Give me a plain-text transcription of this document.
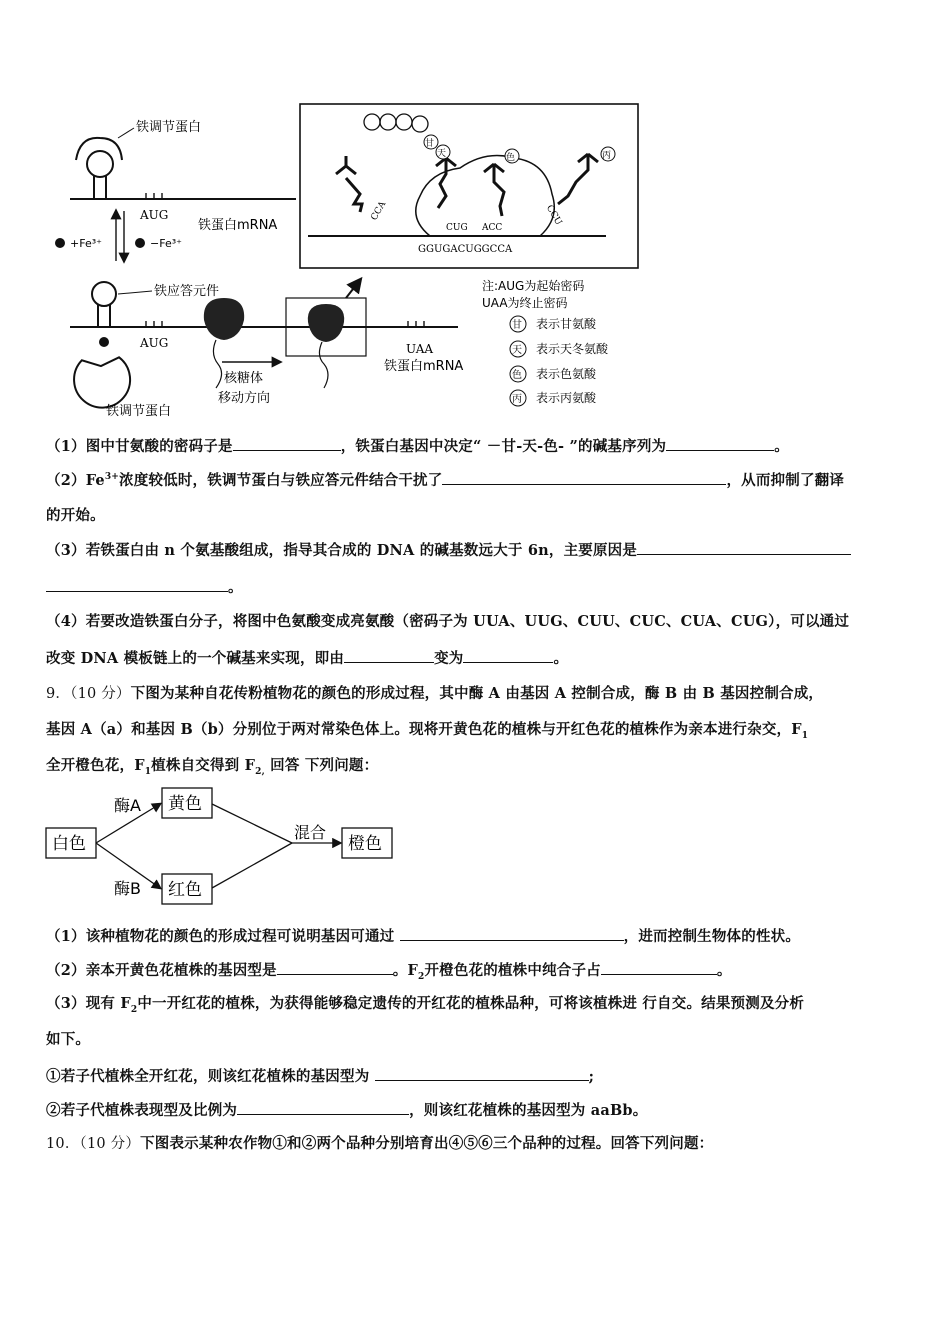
铁调节蛋白
AUG
铁蛋白mRNA
+Fe³⁺	−Fe³⁺
铁应答元件
AUG	UAA
铁蛋白mRNA
铁调节蛋白
核糖体
移动方向
甘
天	色	丙
CCA
CUG ACC
CCU
GGUGACUGGCCA
注:AUG为起始密码
UAA为终止密码
甘 表示甘氨酸
天 表示天冬氨酸
色 表示色氨酸
丙 表示丙氨酸
（1）图中甘氨酸的密码子是	，铁蛋白基因中决定“ －甘-天-色- ”的碱基序列为	。
$(2)Fe^{3+}$浓度较低时，铁调节蛋白与铁应答元件结合干扰了	，从而抑制了翻译
的开始。
（3）若铁蛋白由 n 个氨基酸组成，指导其合成的 DNA 的碱基数远大于 6n，主要原因是
。
（4）若要改造铁蛋白分子，将图中色氨酸变成亮氨酸（密码子为 UUA、UUG、CUU、CUC、CUA、CUG），可以通过
改变 DNA 模板链上的一个碱基来实现，即由	变为	。
9．（10 分）下图为某种自花传粉植物花的颜色的形成过程，其中酶 A 由基因 A 控制合成，酶 B 由 B 基因控制合成，
基因 A（a）和基因 B（b）分别位于两对常染色体上。现将开黄色花的植株与开红色花的植株作为亲本进行杂交，$F_1$
全开橙色花，$F_1$植株自交得到 $F_{2,}$ 回答 下列问题：
白色
黄色
红色
橙色
酶A
酶B
混合
（1）该种植物花的颜色的形成过程可说明基因可通过	，进而控制生物体的性状。
（2）亲本开黄色花植株的基因型是	。$F_2$开橙色花的植株中纯合子占	。
（3）现有 $F_2$中一开红花的植株，为获得能够稳定遗传的开红花的植株品种，可将该植株进 行自交。结果预测及分析
如下。
①若子代植株全开红花，则该红花植株的基因型为	;
②若子代植株表现型及比例为	，则该红花植株的基因型为 aaBb。
10．（10 分）下图表示某种农作物①和②两个品种分别培育出④⑤⑥三个品种的过程。回答下列问题：
